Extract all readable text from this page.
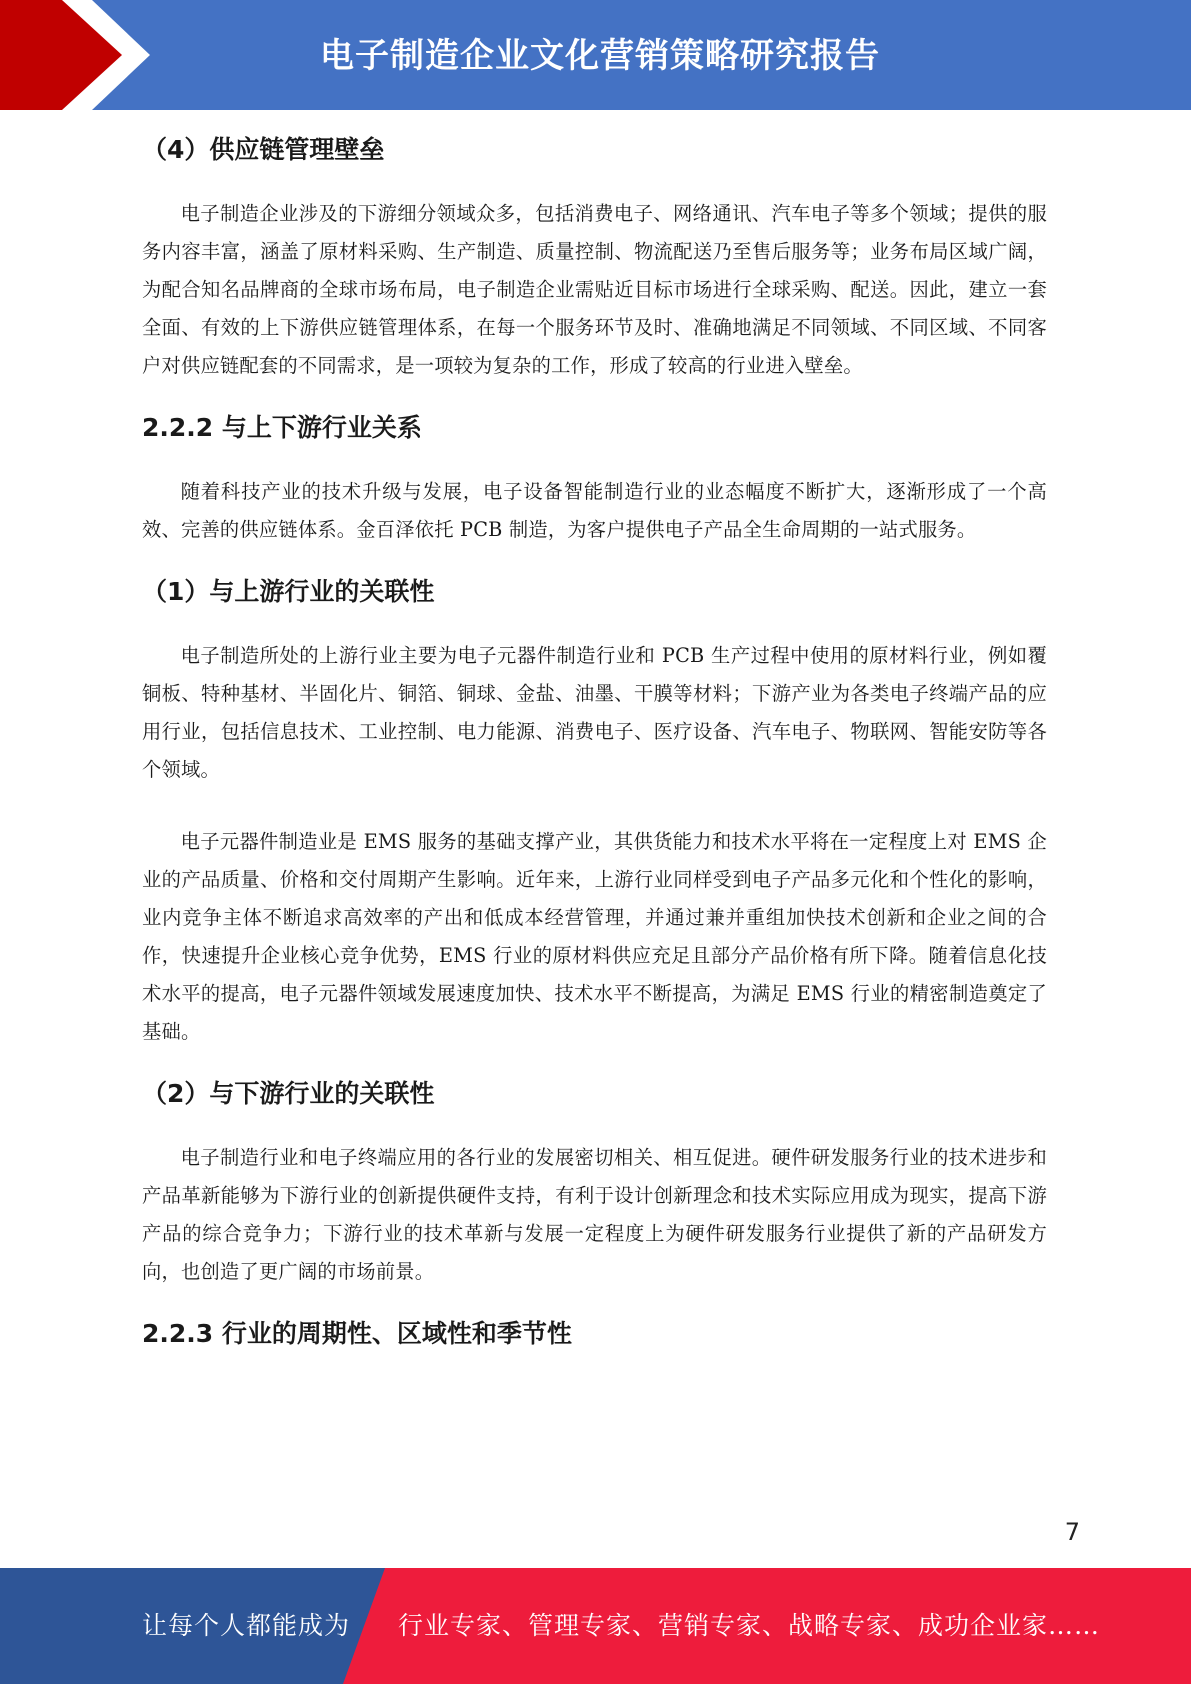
电子制造企业文化营销策略研究报告
（4）供应链管理壁垒

电子制造企业涉及的下游细分领域众多，包括消费电子、网络通讯、汽车电子等多个领域；提供的服务内容丰富，涵盖了原材料采购、生产制造、质量控制、物流配送乃至售后服务等；业务布局区域广阔，为配合知名品牌商的全球市场布局，电子制造企业需贴近目标市场进行全球采购、配送。因此，建立一套全面、有效的上下游供应链管理体系，在每一个服务环节及时、准确地满足不同领域、不同区域、不同客户对供应链配套的不同需求，是一项较为复杂的工作，形成了较高的行业进入壁垒。

2.2.2 与上下游行业关系

随着科技产业的技术升级与发展，电子设备智能制造行业的业态幅度不断扩大，逐渐形成了一个高效、完善的供应链体系。金百泽依托 PCB 制造，为客户提供电子产品全生命周期的一站式服务。

（1）与上游行业的关联性

电子制造所处的上游行业主要为电子元器件制造行业和 PCB 生产过程中使用的原材料行业，例如覆铜板、特种基材、半固化片、铜箔、铜球、金盐、油墨、干膜等材料；下游产业为各类电子终端产品的应用行业，包括信息技术、工业控制、电力能源、消费电子、医疗设备、汽车电子、物联网、智能安防等各个领域。

电子元器件制造业是 EMS 服务的基础支撑产业，其供货能力和技术水平将在一定程度上对 EMS 企业的产品质量、价格和交付周期产生影响。近年来，上游行业同样受到电子产品多元化和个性化的影响，业内竞争主体不断追求高效率的产出和低成本经营管理，并通过兼并重组加快技术创新和企业之间的合作，快速提升企业核心竞争优势，EMS 行业的原材料供应充足且部分产品价格有所下降。随着信息化技术水平的提高，电子元器件领域发展速度加快、技术水平不断提高，为满足 EMS 行业的精密制造奠定了基础。

（2）与下游行业的关联性

电子制造行业和电子终端应用的各行业的发展密切相关、相互促进。硬件研发服务行业的技术进步和产品革新能够为下游行业的创新提供硬件支持，有利于设计创新理念和技术实际应用成为现实，提高下游产品的综合竞争力；下游行业的技术革新与发展一定程度上为硬件研发服务行业提供了新的产品研发方向，也创造了更广阔的市场前景。

2.2.3 行业的周期性、区域性和季节性
7
让每个人都能成为 行业专家、管理专家、营销专家、战略专家、成功企业家……
